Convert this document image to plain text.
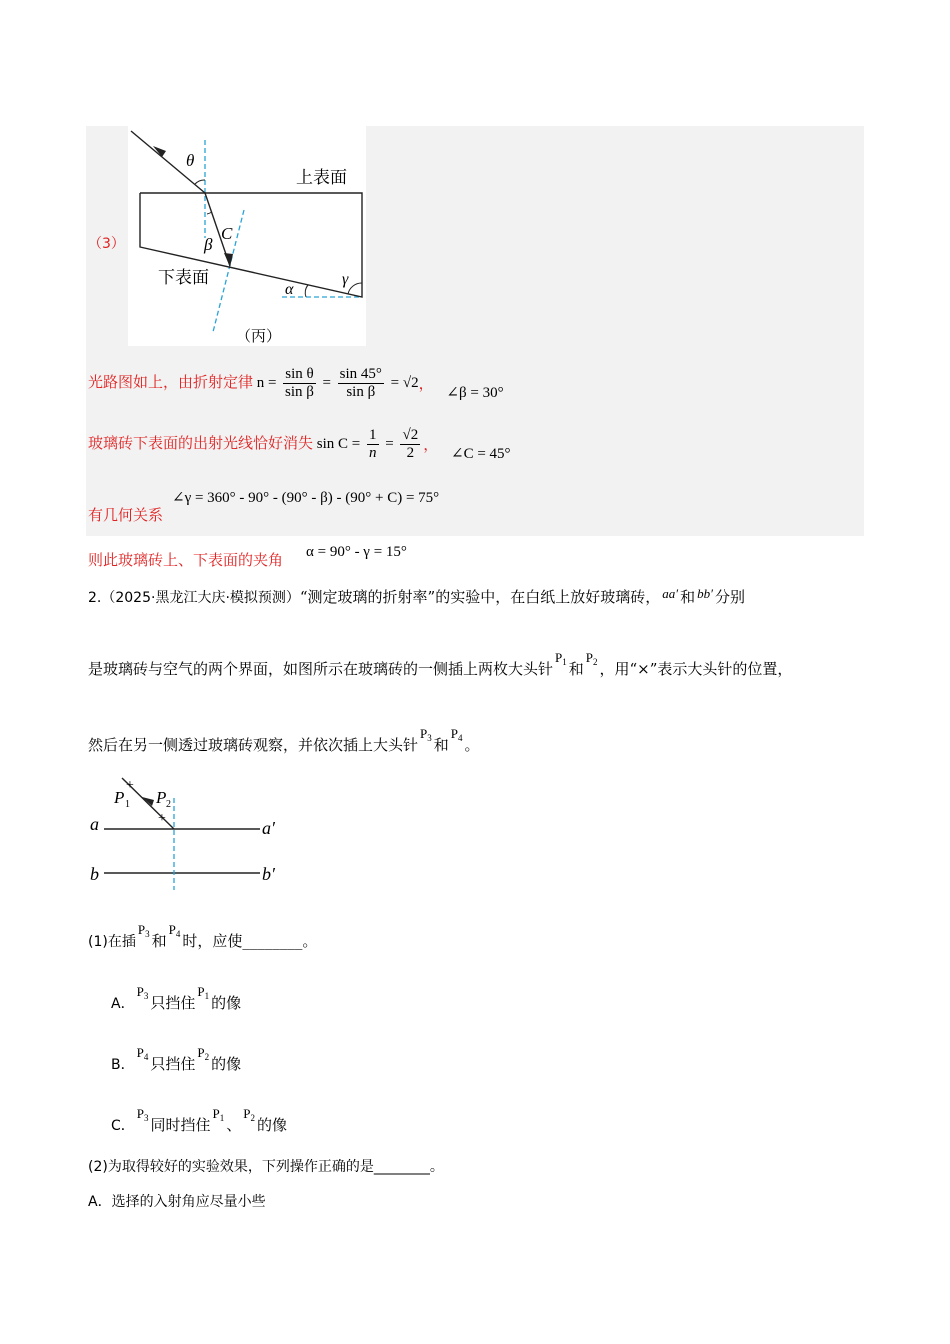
θ
β
C
α
γ
上表面
下表面
（丙）
（3）
光路图如上，由折射定律 $n = \frac{\text{sin θ}}{\text{sin β}} = \frac{\sin 45^\circ}{\text{sin β}} = √2$， ∠β = 30°
玻璃砖下表面的出射光线恰好消失 $\sin C = \frac{1}{n} = \frac{√2}{2}$ ， ∠C = 45°
∠γ = 360° - 90° - (90° - β) - (90° + C) = 75°
有几何关系
则此玻璃砖上、下表面的夹角 α = 90° - γ = 15°
2.（2025·黑龙江大庆·模拟预测）“测定玻璃的折射率”的实验中，在白纸上放好玻璃砖， aa′ 和 bb′ 分别
是玻璃砖与空气的两个界面，如图所示在玻璃砖的一侧插上两枚大头针$P_1$ 和$P_2$ ，用“×”表示大头针的位置，
然后在另一侧透过玻璃砖观察，并依次插上大头针$P_3$ 和$P_4$ 。
+
+
P 1 P 2
a	a′
b	b′
(1)在插$P_3$ 和$P_4$ 时，应使________。
A．$P_3$ 只挡住$P_1$ 的像
B．$P_4$ 只挡住$P_2$ 的像
C．$P_3$ 同时挡住$P_1$ 、$P_2$ 的像
(2)为取得较好的实验效果，下列操作正确的是________。
A．选择的入射角应尽量小些
